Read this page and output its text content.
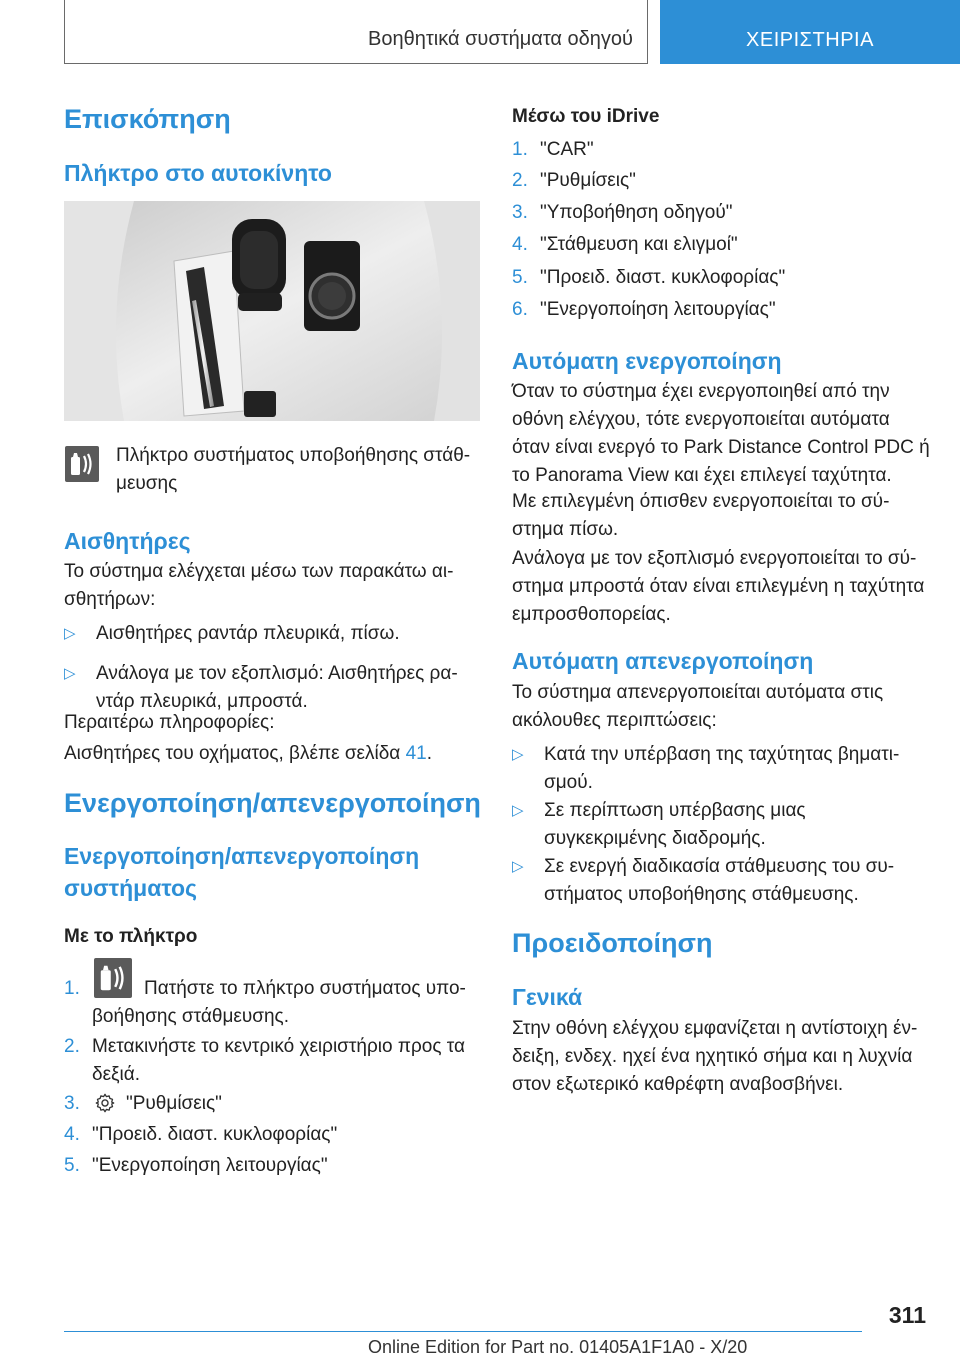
Βοηθητικά συστήματα οδηγού	ΧΕΙΡΙΣΤΗΡΙΑ
Επισκόπηση
Πλήκτρο στο αυτοκίνητο

Πλήκτρο συστήματος υποβοήθησης στάθ‐μευσης

Αισθητήρες

Το σύστημα ελέγχεται μέσω των παρακάτω αι‐σθητήρων:

▷ Αισθητήρες ραντάρ πλευρικά, πίσω.
▷ Ανάλογα με τον εξοπλισμό: Αισθητήρες ρα‐ντάρ πλευρικά, μπροστά.

Περαιτέρω πληροφορίες:

Αισθητήρες του οχήματος, βλέπε σελίδα 41.

Ενεργοποίηση/απενεργοποίηση
Ενεργοποίηση/απενεργοποίηση συστήματος
Με το πλήκτρο
1.	Πατήστε το πλήκτρο συστήματος υπο‐βοήθησης στάθμευσης.
2. Μετακινήστε το κεντρικό χειριστήριο προς τα δεξιά.
3. "Ρυθμίσεις"
4. "Προειδ. διαστ. κυκλοφορίας"
5. "Ενεργοποίηση λειτουργίας"
Μέσω του iDrive
1. "CAR"
2. "Ρυθμίσεις"
3. "Υποβοήθηση οδηγού"
4. "Στάθμευση και ελιγμοί"
5. "Προειδ. διαστ. κυκλοφορίας"
6. "Ενεργοποίηση λειτουργίας"
Αυτόματη ενεργοποίηση

Όταν το σύστημα έχει ενεργοποιηθεί από την οθόνη ελέγχου, τότε ενεργοποιείται αυτόματα όταν είναι ενεργό το Park Distance Control PDC ή το Panorama View και έχει επιλεγεί ταχύτητα.

Με επιλεγμένη όπισθεν ενεργοποιείται το σύ‐στημα πίσω.

Ανάλογα με τον εξοπλισμό ενεργοποιείται το σύ‐στημα μπροστά όταν είναι επιλεγμένη η ταχύτητα εμπροσθοπορείας.

Αυτόματη απενεργοποίηση

Το σύστημα απενεργοποιείται αυτόματα στις ακόλουθες περιπτώσεις:

▷ Κατά την υπέρβαση της ταχύτητας βηματι‐σμού.
▷ Σε περίπτωση υπέρβασης μιας συγκεκριμένης διαδρομής.
▷ Σε ενεργή διαδικασία στάθμευσης του συ‐στήματος υποβοήθησης στάθμευσης.
Προειδοποίηση
Γενικά

Στην οθόνη ελέγχου εμφανίζεται η αντίστοιχη έν‐δειξη, ενδεχ. ηχεί ένα ηχητικό σήμα και η λυχνία στον εξωτερικό καθρέφτη αναβοσβήνει.

311
Online Edition for Part no. 01405A1F1A0 - X/20
